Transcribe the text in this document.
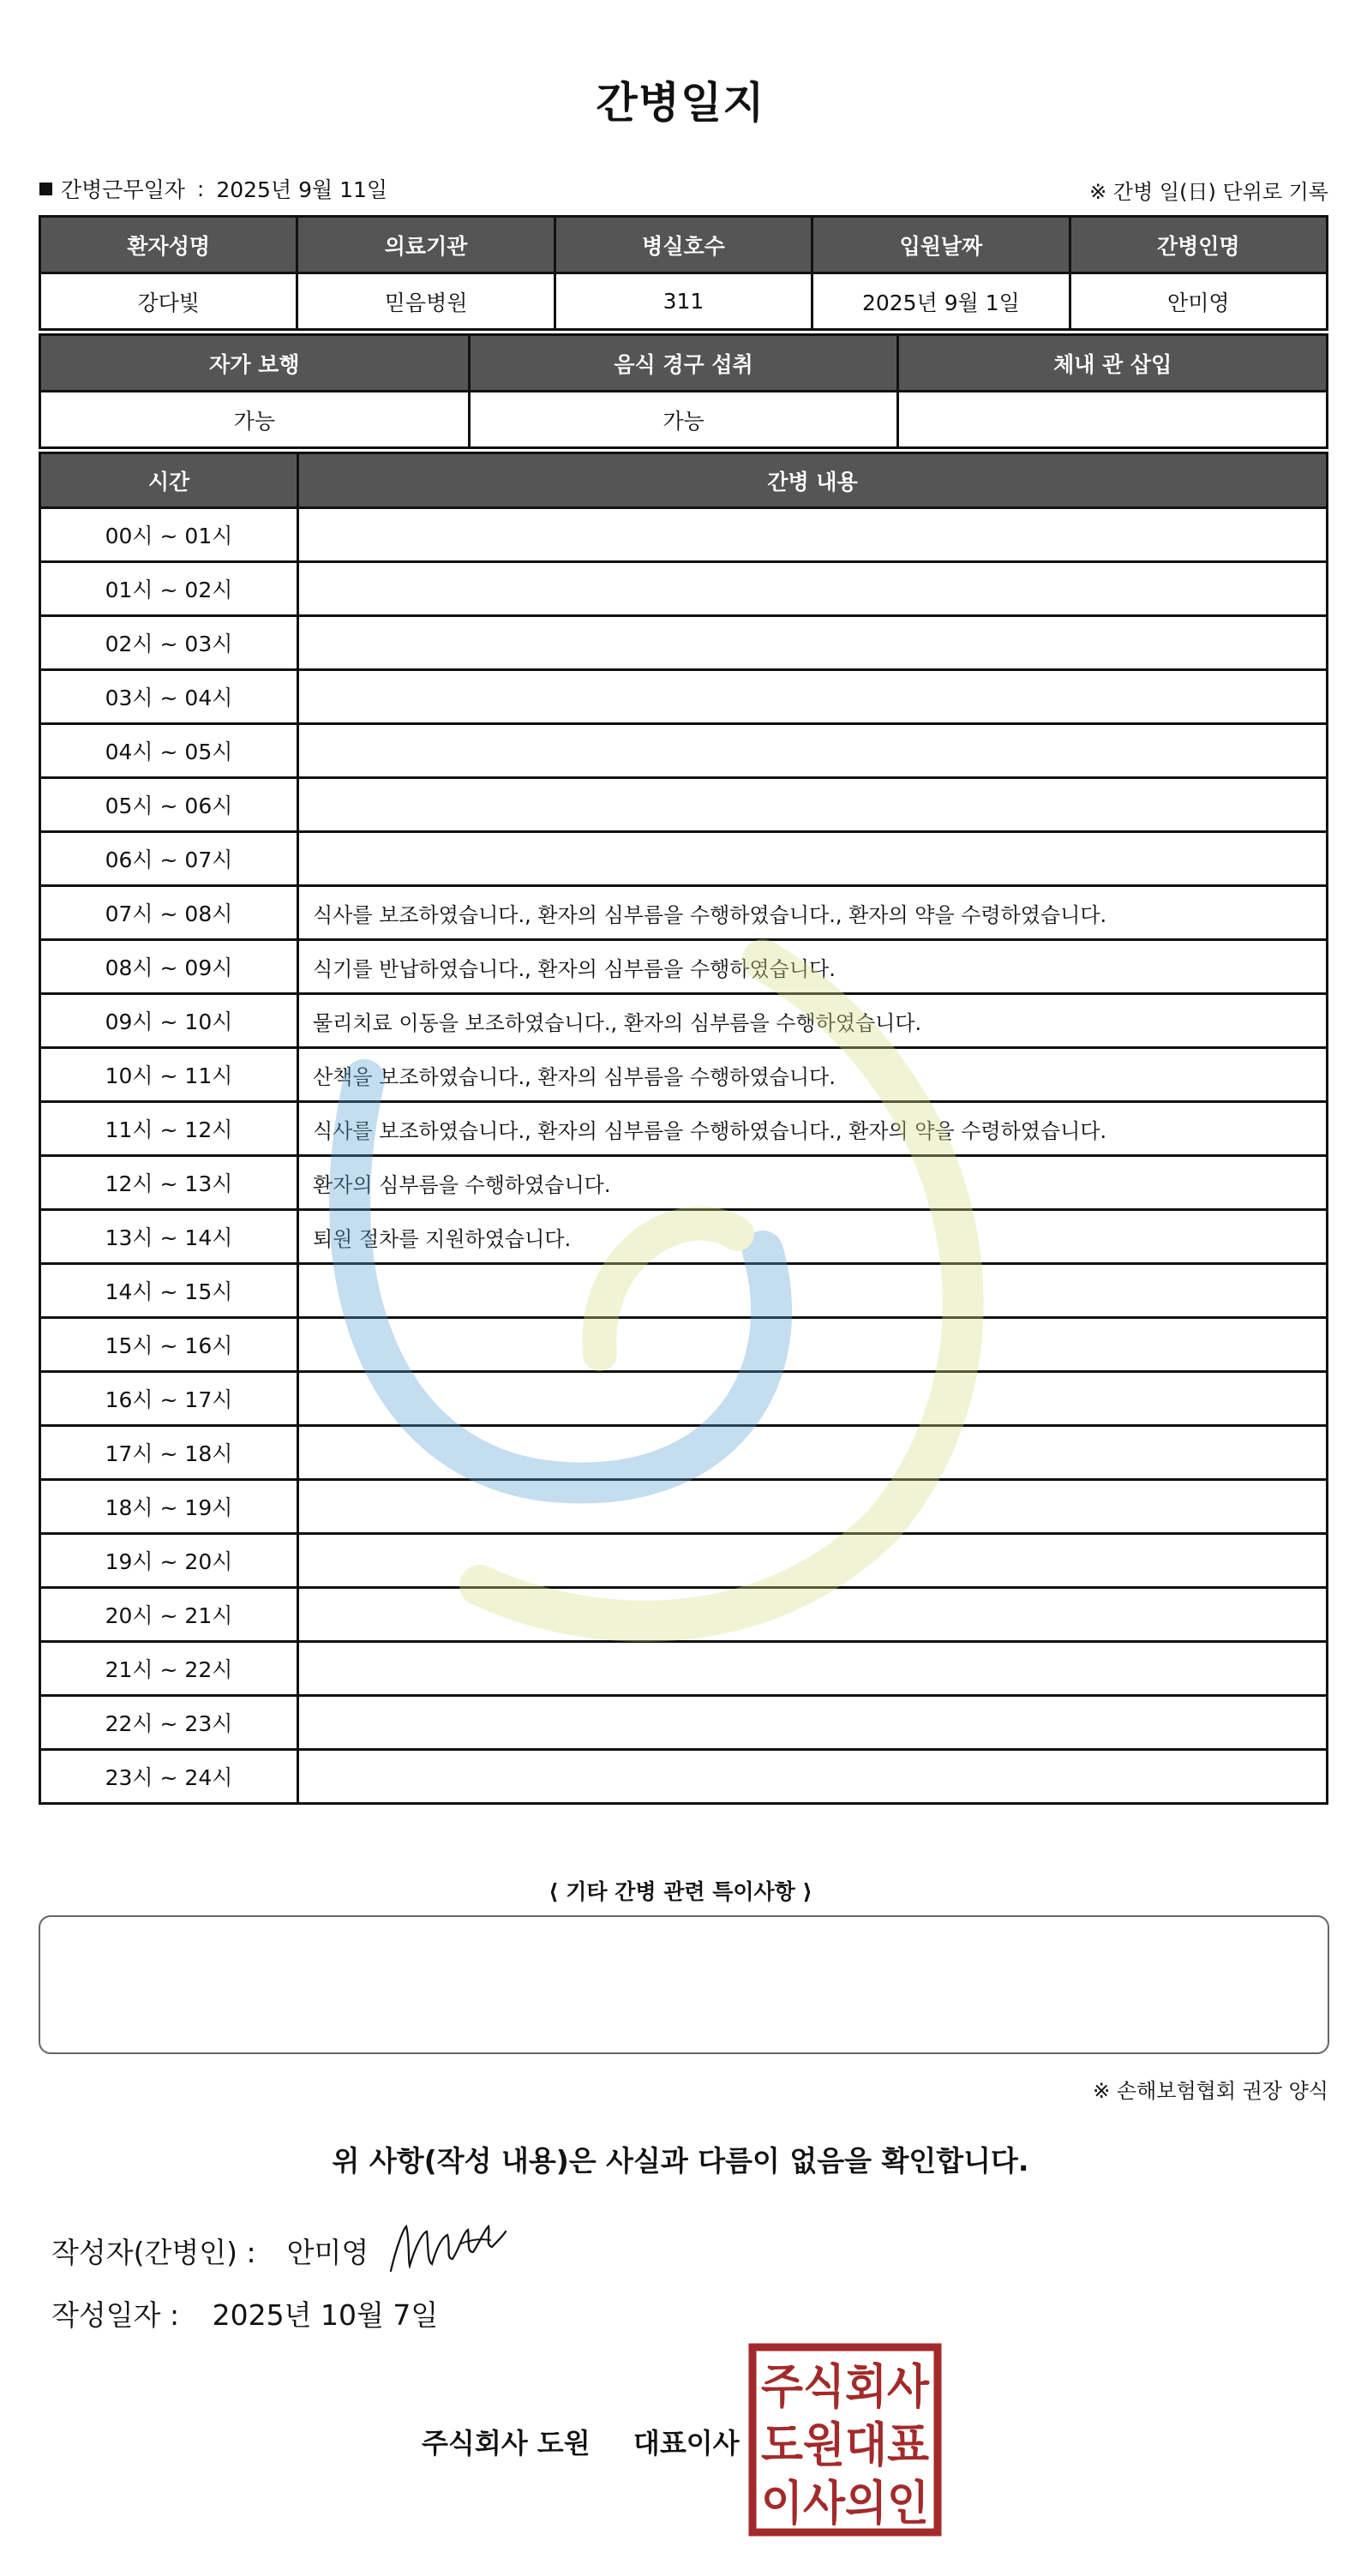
간병일지
간병근무일자 : 2025년 9월 11일	※ 간병 일(日) 단위로 기록
환자성명	의료기관	병실호수	입원날짜	간병인명
강다빛	믿음병원	311	2025년 9월 1일	안미영
자가 보행	음식 경구 섭취	체내 관 삽입
가능	가능	
시간	간병 내용
00시 ~ 01시	
01시 ~ 02시	
02시 ~ 03시	
03시 ~ 04시	
04시 ~ 05시	
05시 ~ 06시	
06시 ~ 07시	
07시 ~ 08시	식사를 보조하였습니다., 환자의 심부름을 수행하였습니다., 환자의 약을 수령하였습니다.
08시 ~ 09시	식기를 반납하였습니다., 환자의 심부름을 수행하였습니다.
09시 ~ 10시	물리치료 이동을 보조하였습니다., 환자의 심부름을 수행하였습니다.
10시 ~ 11시	산책을 보조하였습니다., 환자의 심부름을 수행하였습니다.
11시 ~ 12시	식사를 보조하였습니다., 환자의 심부름을 수행하였습니다., 환자의 약을 수령하였습니다.
12시 ~ 13시	환자의 심부름을 수행하였습니다.
13시 ~ 14시	퇴원 절차를 지원하였습니다.
14시 ~ 15시	
15시 ~ 16시	
16시 ~ 17시	
17시 ~ 18시	
18시 ~ 19시	
19시 ~ 20시	
20시 ~ 21시	
21시 ~ 22시	
22시 ~ 23시	
23시 ~ 24시	
⟨ 기타 간병 관련 특이사항 ⟩
※ 손해보험협회 권장 양식
위 사항(작성 내용)은 사실과 다름이 없음을 확인합니다.
작성자(간병인) : 안미영
작성일자 : 2025년 10월 7일
주식회사 도원 대표이사
주식회사
도원대표
이사의인
